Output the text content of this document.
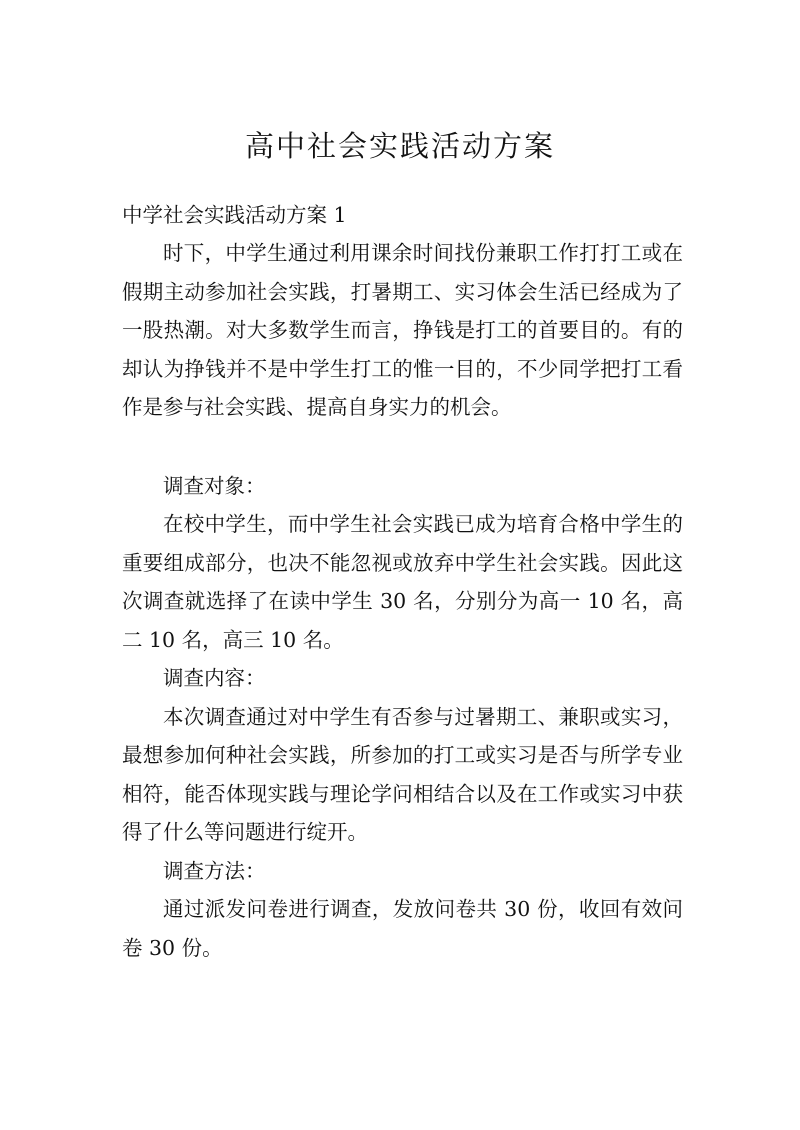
高中社会实践活动方案

中学社会实践活动方案 1

时下，中学生通过利用课余时间找份兼职工作打打工或在假期主动参加社会实践，打暑期工、实习体会生活已经成为了一股热潮。对大多数学生而言，挣钱是打工的首要目的。有的却认为挣钱并不是中学生打工的惟一目的，不少同学把打工看作是参与社会实践、提高自身实力的机会。

调查对象：

在校中学生，而中学生社会实践已成为培育合格中学生的重要组成部分，也决不能忽视或放弃中学生社会实践。因此这次调查就选择了在读中学生 30 名，分别分为高一 10 名，高二 10 名，高三 10 名。

调查内容：

本次调查通过对中学生有否参与过暑期工、兼职或实习，最想参加何种社会实践，所参加的打工或实习是否与所学专业相符，能否体现实践与理论学问相结合以及在工作或实习中获得了什么等问题进行绽开。

调查方法：

通过派发问卷进行调查，发放问卷共 30 份，收回有效问卷 30 份。
